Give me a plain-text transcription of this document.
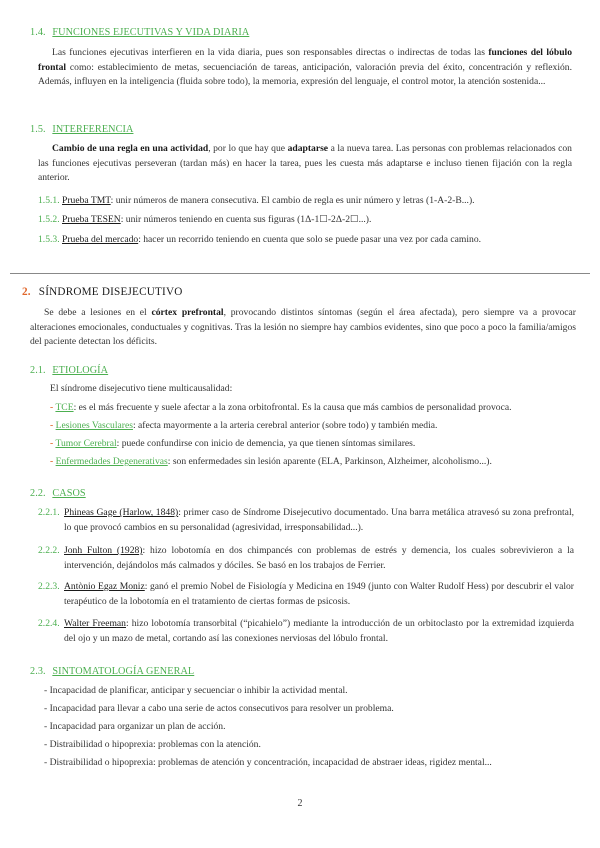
1.4. FUNCIONES EJECUTIVAS Y VIDA DIARIA
Las funciones ejecutivas interfieren en la vida diaria, pues son responsables directas o indirectas de todas las funciones del lóbulo frontal como: establecimiento de metas, secuenciación de tareas, anticipación, valoración previa del éxito, concentración y reflexión. Además, influyen en la inteligencia (fluida sobre todo), la memoria, expresión del lenguaje, el control motor, la atención sostenida...
1.5. INTERFERENCIA
Cambio de una regla en una actividad, por lo que hay que adaptarse a la nueva tarea. Las personas con problemas relacionados con las funciones ejecutivas perseveran (tardan más) en hacer la tarea, pues les cuesta más adaptarse e incluso tienen fijación con la regla anterior.
1.5.1. Prueba TMT: unir números de manera consecutiva. El cambio de regla es unir número y letras (1-A-2-B...).
1.5.2. Prueba TESEN: unir números teniendo en cuenta sus figuras (1Δ-1☐-2Δ-2☐...).
1.5.3. Prueba del mercado: hacer un recorrido teniendo en cuenta que solo se puede pasar una vez por cada camino.
2. SÍNDROME DISEJECUTIVO
Se debe a lesiones en el córtex prefrontal, provocando distintos síntomas (según el área afectada), pero siempre va a provocar alteraciones emocionales, conductuales y cognitivas. Tras la lesión no siempre hay cambios evidentes, sino que poco a poco la familia/amigos del paciente detectan los déficits.
2.1. ETIOLOGÍA
El síndrome disejecutivo tiene multicausalidad:
- TCE: es el más frecuente y suele afectar a la zona orbitofrontal. Es la causa que más cambios de personalidad provoca.
- Lesiones Vasculares: afecta mayormente a la arteria cerebral anterior (sobre todo) y también media.
- Tumor Cerebral: puede confundirse con inicio de demencia, ya que tienen síntomas similares.
- Enfermedades Degenerativas: son enfermedades sin lesión aparente (ELA, Parkinson, Alzheimer, alcoholismo...).
2.2. CASOS
2.2.1. Phineas Gage (Harlow, 1848): primer caso de Síndrome Disejecutivo documentado. Una barra metálica atravesó su zona prefrontal, lo que provocó cambios en su personalidad (agresividad, irresponsabilidad...).
2.2.2. Jonh Fulton (1928): hizo lobotomía en dos chimpancés con problemas de estrés y demencia, los cuales sobrevivieron a la intervención, dejándolos más calmados y dóciles. Se basó en los trabajos de Ferrier.
2.2.3. Antònio Egaz Moniz: ganó el premio Nobel de Fisiología y Medicina en 1949 (junto con Walter Rudolf Hess) por descubrir el valor terapéutico de la lobotomía en el tratamiento de ciertas formas de psicosis.
2.2.4. Walter Freeman: hizo lobotomía transorbital (“picahielo”) mediante la introducción de un orbitoclasto por la extremidad izquierda del ojo y un mazo de metal, cortando así las conexiones nerviosas del lóbulo frontal.
2.3. SINTOMATOLOGÍA GENERAL
- Incapacidad de planificar, anticipar y secuenciar o inhibir la actividad mental.
- Incapacidad para llevar a cabo una serie de actos consecutivos para resolver un problema.
- Incapacidad para organizar un plan de acción.
- Distraibilidad o hipoprexia: problemas con la atención.
- Distraibilidad o hipoprexia: problemas de atención y concentración, incapacidad de abstraer ideas, rigidez mental...
2
